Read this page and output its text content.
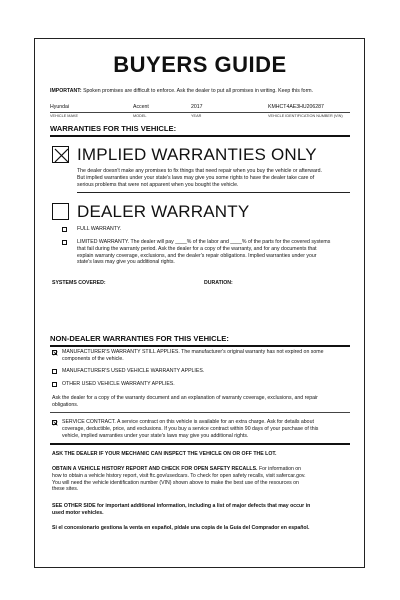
BUYERS GUIDE
IMPORTANT: Spoken promises are difficult to enforce. Ask the dealer to put all promises in writing. Keep this form.
Hyundai	Accent	2017	KMHCT4AE3HU206287
VEHICLE MAKE	MODEL	YEAR	VEHICLE IDENTIFICATION NUMBER (VIN)
WARRANTIES FOR THIS VEHICLE:
IMPLIED WARRANTIES ONLY
The dealer doesn't make any promises to fix things that need repair when you buy the vehicle or afterward.
But implied warranties under your state's laws may give you some rights to have the dealer take care of
serious problems that were not apparent when you bought the vehicle.
DEALER WARRANTY
FULL WARRANTY.
LIMITED WARRANTY. The dealer will pay ____% of the labor and ____% of the parts for the covered systems
that fail during the warranty period. Ask the dealer for a copy of the warranty, and for any documents that
explain warranty coverage, exclusions, and the dealer's repair obligations. Implied warranties under your
state's laws may give you additional rights.
SYSTEMS COVERED:	DURATION:
NON-DEALER WARRANTIES FOR THIS VEHICLE:
MANUFACTURER'S WARRANTY STILL APPLIES. The manufacturer's original warranty has not expired on some
components of the vehicle.
MANUFACTURER'S USED VEHICLE WARRANTY APPLIES.
OTHER USED VEHICLE WARRANTY APPLIES.
Ask the dealer for a copy of the warranty document and an explanation of warranty coverage, exclusions, and repair
obligations.
SERVICE CONTRACT. A service contract on this vehicle is available for an extra charge. Ask for details about
coverage, deductible, price, and exclusions. If you buy a service contract within 90 days of your purchase of this
vehicle, implied warranties under your state's laws may give you additional rights.
ASK THE DEALER IF YOUR MECHANIC CAN INSPECT THE VEHICLE ON OR OFF THE LOT.
OBTAIN A VEHICLE HISTORY REPORT AND CHECK FOR OPEN SAFETY RECALLS. For information on
how to obtain a vehicle history report, visit ftc.gov/usedcars. To check for open safety recalls, visit safercar.gov.
You will need the vehicle identification number (VIN) shown above to make the best use of the resources on
these sites.
SEE OTHER SIDE for important additional information, including a list of major defects that may occur in
used motor vehicles.
Si el concesionario gestiona la venta en español, pídale una copia de la Guía del Comprador en español.
